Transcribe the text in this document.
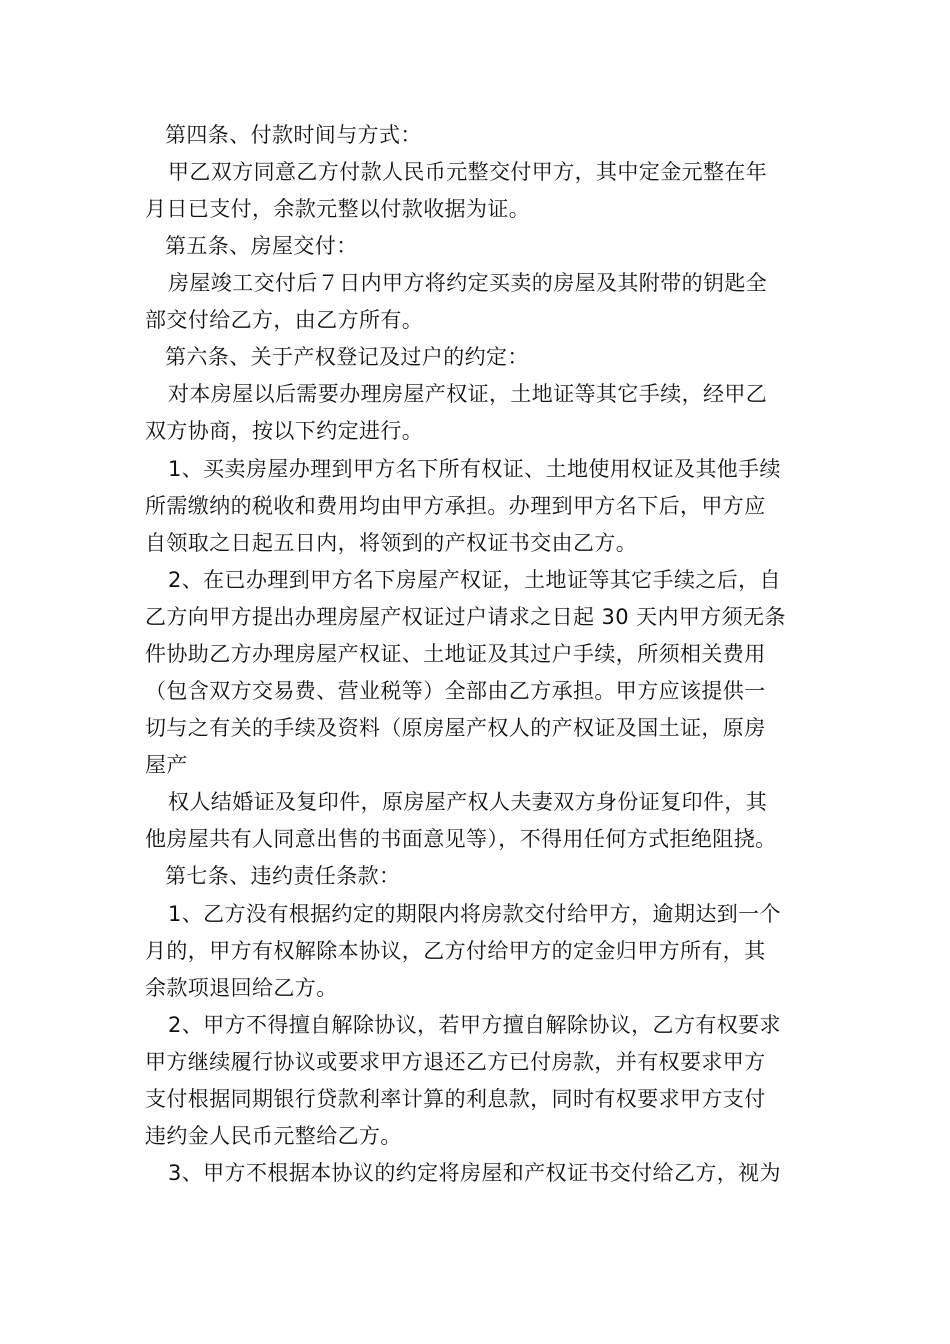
第四条、付款时间与方式：
甲乙双方同意乙方付款人民币元整交付甲方，其中定金元整在年
月日已支付，余款元整以付款收据为证。
第五条、房屋交付：
房屋竣工交付后７日内甲方将约定买卖的房屋及其附带的钥匙全
部交付给乙方，由乙方所有。
第六条、关于产权登记及过户的约定：
对本房屋以后需要办理房屋产权证，土地证等其它手续，经甲乙
双方协商，按以下约定进行。
1、买卖房屋办理到甲方名下所有权证、土地使用权证及其他手续
所需缴纳的税收和费用均由甲方承担。办理到甲方名下后，甲方应
自领取之日起五日内，将领到的产权证书交由乙方。
2、在已办理到甲方名下房屋产权证，土地证等其它手续之后，自
乙方向甲方提出办理房屋产权证过户请求之日起 30 天内甲方须无条
件协助乙方办理房屋产权证、土地证及其过户手续，所须相关费用
（包含双方交易费、营业税等）全部由乙方承担。甲方应该提供一
切与之有关的手续及资料（原房屋产权人的产权证及国土证，原房
屋产
权人结婚证及复印件，原房屋产权人夫妻双方身份证复印件，其
他房屋共有人同意出售的书面意见等），不得用任何方式拒绝阻挠。
第七条、违约责任条款：
1、乙方没有根据约定的期限内将房款交付给甲方，逾期达到一个
月的，甲方有权解除本协议，乙方付给甲方的定金归甲方所有，其
余款项退回给乙方。
2、甲方不得擅自解除协议，若甲方擅自解除协议，乙方有权要求
甲方继续履行协议或要求甲方退还乙方已付房款，并有权要求甲方
支付根据同期银行贷款利率计算的利息款，同时有权要求甲方支付
违约金人民币元整给乙方。
3、甲方不根据本协议的约定将房屋和产权证书交付给乙方，视为
